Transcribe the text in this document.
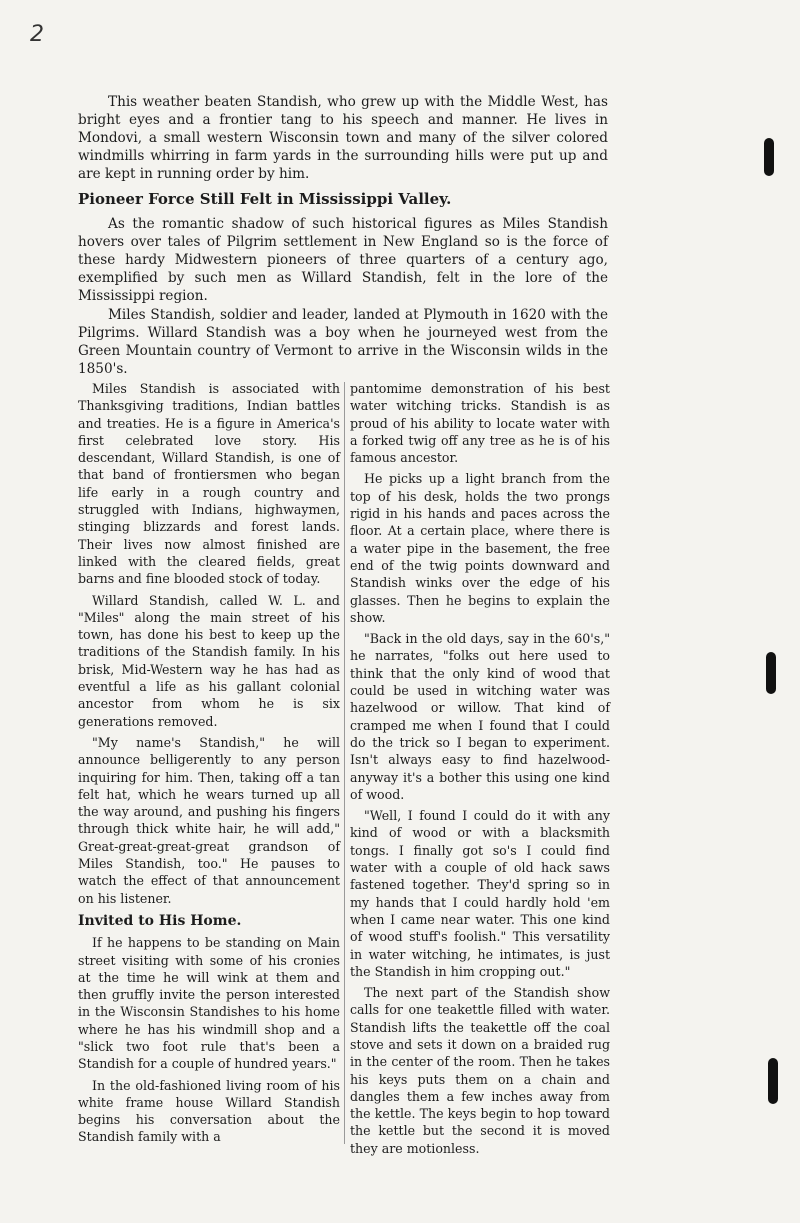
2

This weather beaten Standish, who grew up with the Middle West, has bright eyes and a frontier tang to his speech and manner. He lives in Mondovi, a small western Wisconsin town and many of the silver colored windmills whirring in farm yards in the surrounding hills were put up and are kept in running order by him.

Pioneer Force Still Felt in Mississippi Valley.

As the romantic shadow of such historical figures as Miles Standish hovers over tales of Pilgrim settlement in New England so is the force of these hardy Midwestern pioneers of three quarters of a century ago, exemplified by such men as Willard Standish, felt in the lore of the Mississippi region.

Miles Standish, soldier and leader, landed at Plymouth in 1620 with the Pilgrims. Willard Standish was a boy when he journeyed west from the Green Mountain country of Vermont to arrive in the Wisconsin wilds in the 1850's.

Miles Standish is associated with Thanksgiving traditions, Indian battles and treaties. He is a figure in America's first celebrated love story. His descendant, Willard Standish, is one of that band of frontiersmen who began life early in a rough country and struggled with Indians, highwaymen, stinging blizzards and forest lands. Their lives now almost finished are linked with the cleared fields, great barns and fine blooded stock of today.

Willard Standish, called W. L. and "Miles" along the main street of his town, has done his best to keep up the traditions of the Standish family. In his brisk, Mid-Western way he has had as eventful a life as his gallant colonial ancestor from whom he is six generations removed.

"My name's Standish," he will announce belligerently to any person inquiring for him. Then, taking off a tan felt hat, which he wears turned up all the way around, and pushing his fingers through thick white hair, he will add," Great-great-great-great grandson of Miles Standish, too." He pauses to watch the effect of that announcement on his listener.

Invited to His Home.

If he happens to be standing on Main street visiting with some of his cronies at the time he will wink at them and then gruffly invite the person interested in the Wisconsin Standishes to his home where he has his windmill shop and a "slick two foot rule that's been a Standish for a couple of hundred years."

In the old-fashioned living room of his white frame house Willard Standish begins his conversation about the Standish family with a

pantomime demonstration of his best water witching tricks. Standish is as proud of his ability to locate water with a forked twig off any tree as he is of his famous ancestor.

He picks up a light branch from the top of his desk, holds the two prongs rigid in his hands and paces across the floor. At a certain place, where there is a water pipe in the basement, the free end of the twig points downward and Standish winks over the edge of his glasses. Then he begins to explain the show.

"Back in the old days, say in the 60's," he narrates, "folks out here used to think that the only kind of wood that could be used in witching water was hazelwood or willow. That kind of cramped me when I found that I could do the trick so I began to experiment. Isn't always easy to find hazelwood-anyway it's a bother this using one kind of wood.

"Well, I found I could do it with any kind of wood or with a blacksmith tongs. I finally got so's I could find water with a couple of old hack saws fastened together. They'd spring so in my hands that I could hardly hold 'em when I came near water. This one kind of wood stuff's foolish." This versatility in water witching, he intimates, is just the Standish in him cropping out."

The next part of the Standish show calls for one teakettle filled with water. Standish lifts the teakettle off the coal stove and sets it down on a braided rug in the center of the room. Then he takes his keys puts them on a chain and dangles them a few inches away from the kettle. The keys begin to hop toward the kettle but the second it is moved they are motionless.
